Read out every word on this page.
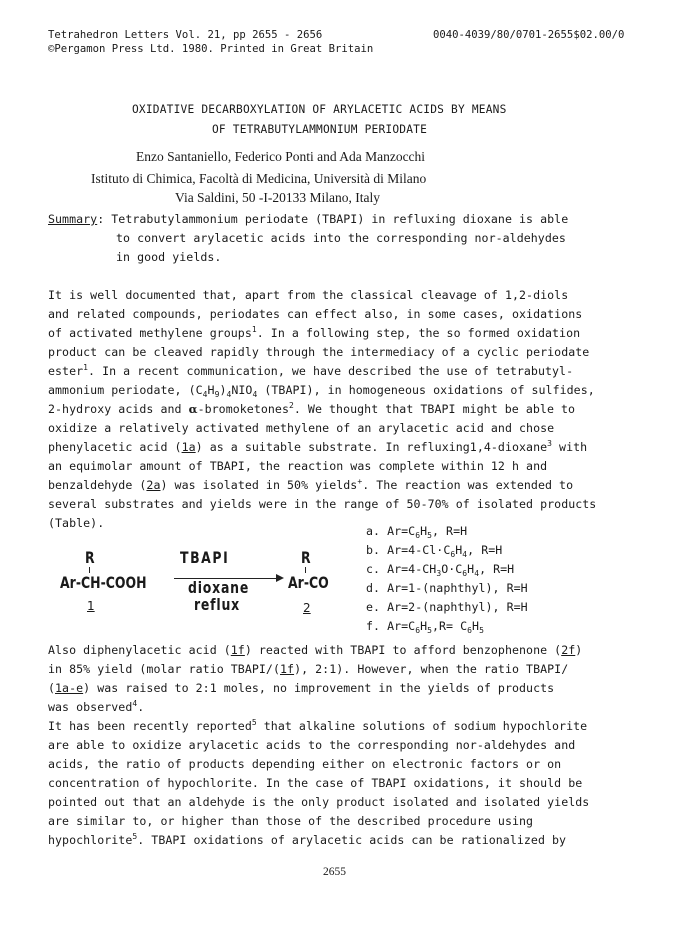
Tetrahedron Letters Vol. 21, pp 2655 - 2656
©Pergamon Press Ltd. 1980. Printed in Great Britain
0040-4039/80/0701-2655$02.00/0
OXIDATIVE DECARBOXYLATION OF ARYLACETIC ACIDS BY MEANS
OF TETRABUTYLAMMONIUM PERIODATE
Enzo Santaniello, Federico Ponti and Ada Manzocchi
Istituto di Chimica, Facoltà di Medicina, Università di Milano
Via Saldini, 50 -I-20133 Milano, Italy
Summary: Tetrabutylammonium periodate (TBAPI) in refluxing dioxane is able
to convert arylacetic acids into the corresponding nor-aldehydes
in good yields.
It is well documented that, apart from the classical cleavage of 1,2-diols
and related compounds, periodates can effect also, in some cases, oxidations
of activated methylene groups$^1$. In a following step, the so formed oxidation
product can be cleaved rapidly through the intermediacy of a cyclic periodate
ester$^1$. In a recent communication, we have described the use of tetrabutyl-
ammonium periodate, $(C_4H_9)_4NIO_4$ (TBAPI), in homogeneous oxidations of sulfides,
2-hydroxy acids and α-bromoketones$^2$. We thought that TBAPI might be able to
oxidize a relatively activated methylene of an arylacetic acid and chose
phenylacetic acid (1a) as a suitable substrate. In refluxing1,4-dioxane$^3$ with
an equimolar amount of TBAPI, the reaction was complete within 12 h and
benzaldehyde (2a) was isolated in 50% yields+. The reaction was extended to
several substrates and yields were in the range of 50-70% of isolated products
(Table).
R
Ar-CH-COOH
1
TBAPI
dioxane
reflux
R
Ar-CO
2
a. $Ar=C_6H_5$, R=H
b. $Ar=4-Cl\cdot C_6H_4$, R=H
c. $Ar=4-CH_3O\cdot C_6H_4$, R=H
d. Ar=1-(naphthyl), R=H
e. Ar=2-(naphthyl), R=H
f. $Ar=C_6H_5,R= C_6H_5$
Also diphenylacetic acid (1f) reacted with TBAPI to afford benzophenone (2f)
in 85% yield (molar ratio TBAPI/(1f), 2:1). However, when the ratio TBAPI/
(1a-e) was raised to 2:1 moles, no improvement in the yields of products
was observed$^4$.
It has been recently reported$^5$ that alkaline solutions of sodium hypochlorite
are able to oxidize arylacetic acids to the corresponding nor-aldehydes and
acids, the ratio of products depending either on electronic factors or on
concentration of hypochlorite. In the case of TBAPI oxidations, it should be
pointed out that an aldehyde is the only product isolated and isolated yields
are similar to, or higher than those of the described procedure using
hypochlorite$^5$. TBAPI oxidations of arylacetic acids can be rationalized by
2655
